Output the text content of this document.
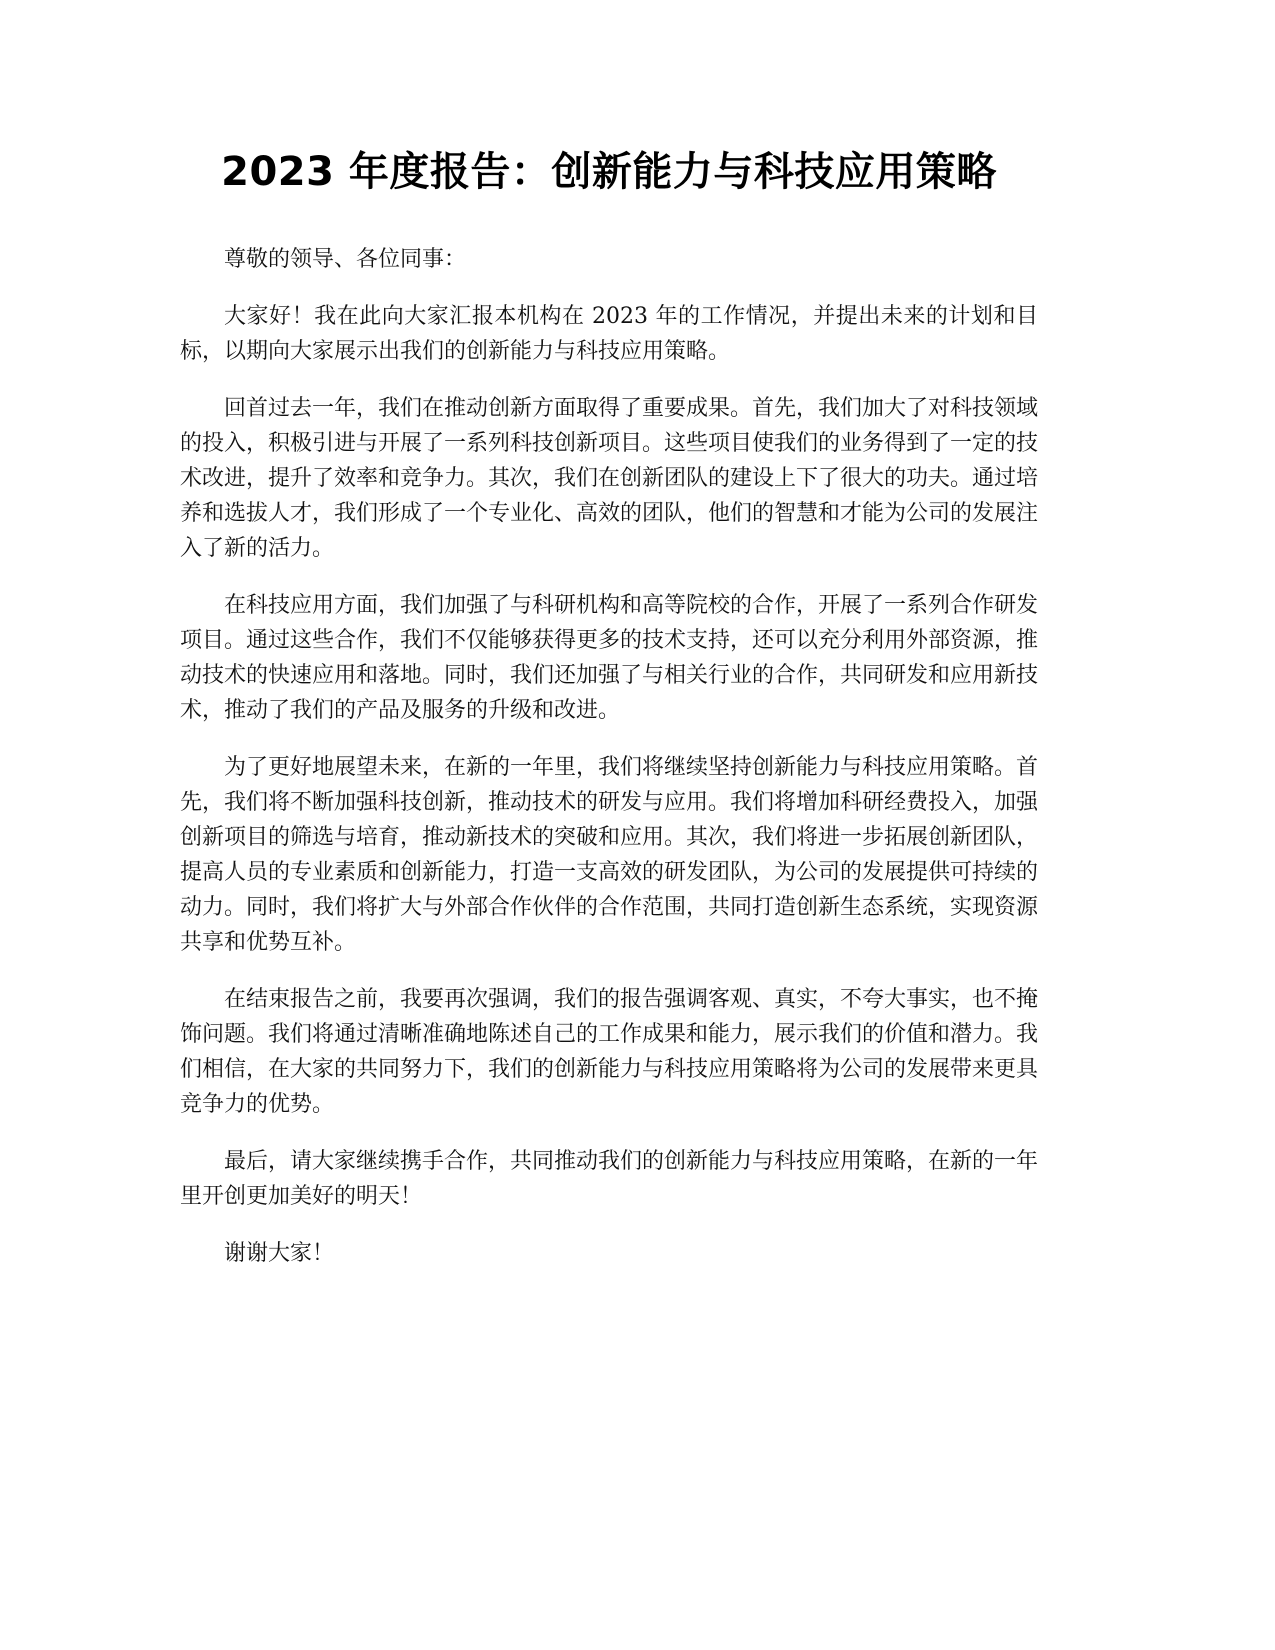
2023 年度报告：创新能力与科技应用策略

尊敬的领导、各位同事：

大家好！我在此向大家汇报本机构在 2023 年的工作情况，并提出未来的计划和目标，以期向大家展示出我们的创新能力与科技应用策略。

回首过去一年，我们在推动创新方面取得了重要成果。首先，我们加大了对科技领域的投入，积极引进与开展了一系列科技创新项目。这些项目使我们的业务得到了一定的技术改进，提升了效率和竞争力。其次，我们在创新团队的建设上下了很大的功夫。通过培养和选拔人才，我们形成了一个专业化、高效的团队，他们的智慧和才能为公司的发展注入了新的活力。

在科技应用方面，我们加强了与科研机构和高等院校的合作，开展了一系列合作研发项目。通过这些合作，我们不仅能够获得更多的技术支持，还可以充分利用外部资源，推动技术的快速应用和落地。同时，我们还加强了与相关行业的合作，共同研发和应用新技术，推动了我们的产品及服务的升级和改进。

为了更好地展望未来，在新的一年里，我们将继续坚持创新能力与科技应用策略。首先，我们将不断加强科技创新，推动技术的研发与应用。我们将增加科研经费投入，加强创新项目的筛选与培育，推动新技术的突破和应用。其次，我们将进一步拓展创新团队，提高人员的专业素质和创新能力，打造一支高效的研发团队，为公司的发展提供可持续的动力。同时，我们将扩大与外部合作伙伴的合作范围，共同打造创新生态系统，实现资源共享和优势互补。

在结束报告之前，我要再次强调，我们的报告强调客观、真实，不夸大事实，也不掩饰问题。我们将通过清晰准确地陈述自己的工作成果和能力，展示我们的价值和潜力。我们相信，在大家的共同努力下，我们的创新能力与科技应用策略将为公司的发展带来更具竞争力的优势。

最后，请大家继续携手合作，共同推动我们的创新能力与科技应用策略，在新的一年里开创更加美好的明天！

谢谢大家！
